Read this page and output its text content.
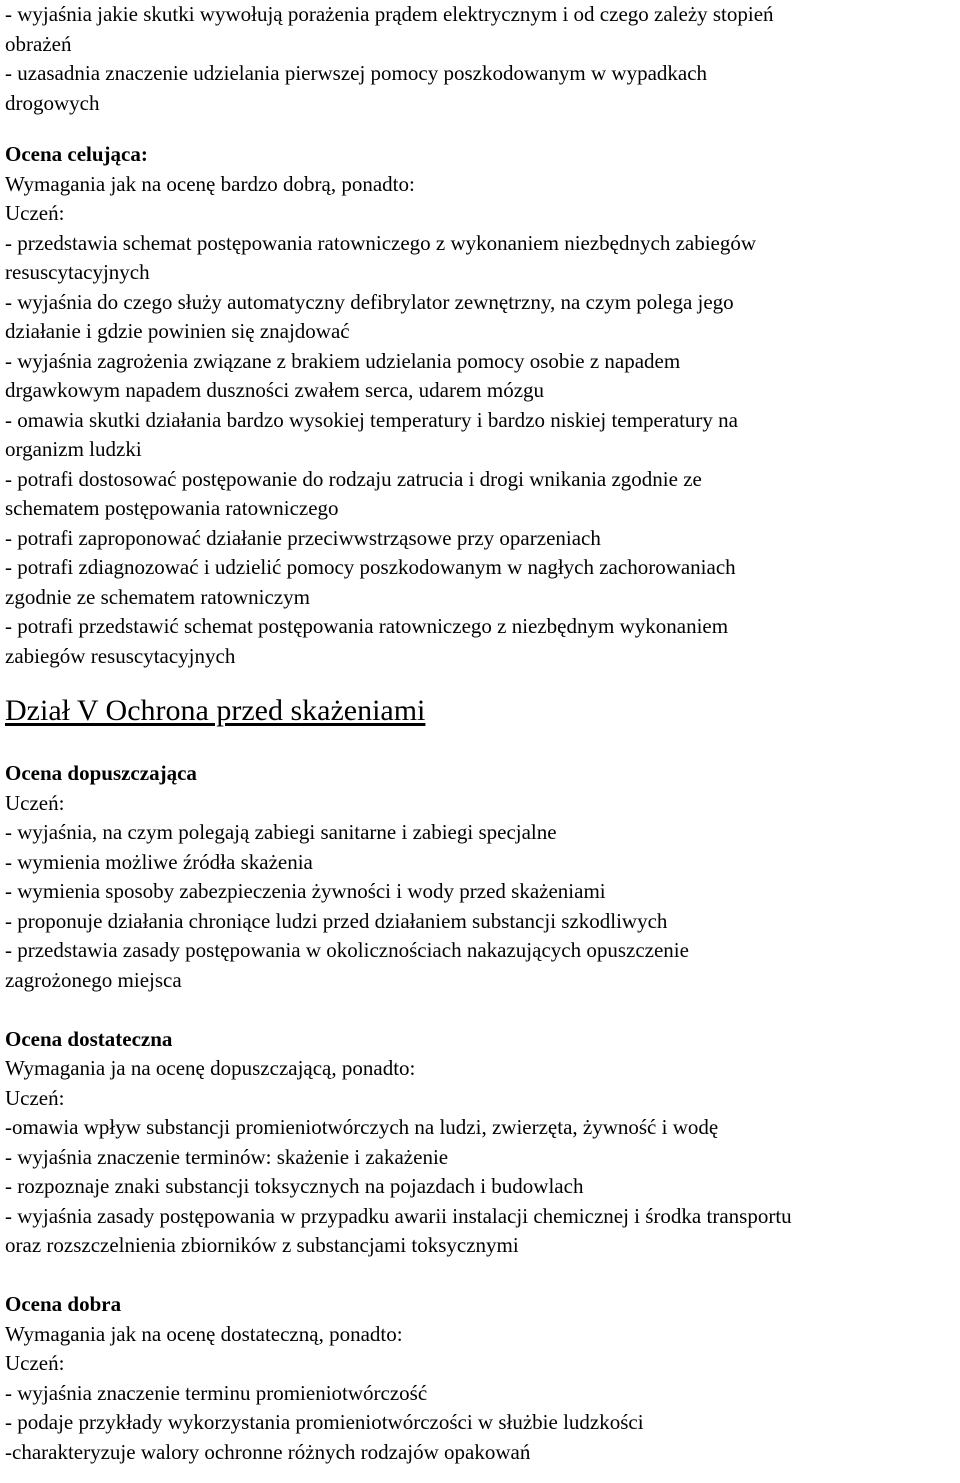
- wyjaśnia jakie skutki wywołują porażenia prądem elektrycznym i od czego zależy stopień
obrażeń
- uzasadnia znaczenie udzielania pierwszej pomocy poszkodowanym w wypadkach
drogowych
Ocena celująca:
Wymagania jak na ocenę bardzo dobrą, ponadto:
Uczeń:
- przedstawia schemat postępowania ratowniczego z wykonaniem niezbędnych zabiegów
resuscytacyjnych
- wyjaśnia do czego służy automatyczny defibrylator zewnętrzny, na czym polega jego
działanie i gdzie powinien się znajdować
- wyjaśnia zagrożenia związane z brakiem udzielania pomocy osobie z napadem
drgawkowym napadem duszności zwałem serca, udarem mózgu
- omawia skutki działania bardzo wysokiej temperatury i bardzo niskiej temperatury na
organizm ludzki
- potrafi dostosować postępowanie do rodzaju zatrucia i drogi wnikania zgodnie ze
schematem postępowania ratowniczego
- potrafi zaproponować działanie przeciwwstrząsowe przy oparzeniach
- potrafi zdiagnozować i udzielić pomocy poszkodowanym w nagłych zachorowaniach
zgodnie ze schematem ratowniczym
- potrafi przedstawić schemat postępowania ratowniczego z niezbędnym wykonaniem
zabiegów resuscytacyjnych
Dział V Ochrona przed skażeniami
Ocena dopuszczająca
Uczeń:
- wyjaśnia, na czym polegają zabiegi sanitarne i zabiegi specjalne
- wymienia możliwe źródła skażenia
- wymienia sposoby zabezpieczenia żywności i wody przed skażeniami
- proponuje działania chroniące ludzi przed działaniem substancji szkodliwych
- przedstawia zasady postępowania w okolicznościach nakazujących opuszczenie
zagrożonego miejsca
Ocena dostateczna
Wymagania ja na ocenę dopuszczającą, ponadto:
Uczeń:
-omawia wpływ substancji promieniotwórczych na ludzi, zwierzęta, żywność i wodę
- wyjaśnia znaczenie terminów: skażenie i zakażenie
- rozpoznaje znaki substancji toksycznych na pojazdach i budowlach
- wyjaśnia zasady postępowania w przypadku awarii instalacji chemicznej i środka transportu
oraz rozszczelnienia zbiorników z substancjami toksycznymi
Ocena dobra
Wymagania jak na ocenę dostateczną, ponadto:
Uczeń:
- wyjaśnia znaczenie terminu promieniotwórczość
- podaje przykłady wykorzystania promieniotwórczości w służbie ludzkości
-charakteryzuje walory ochronne różnych rodzajów opakowań
